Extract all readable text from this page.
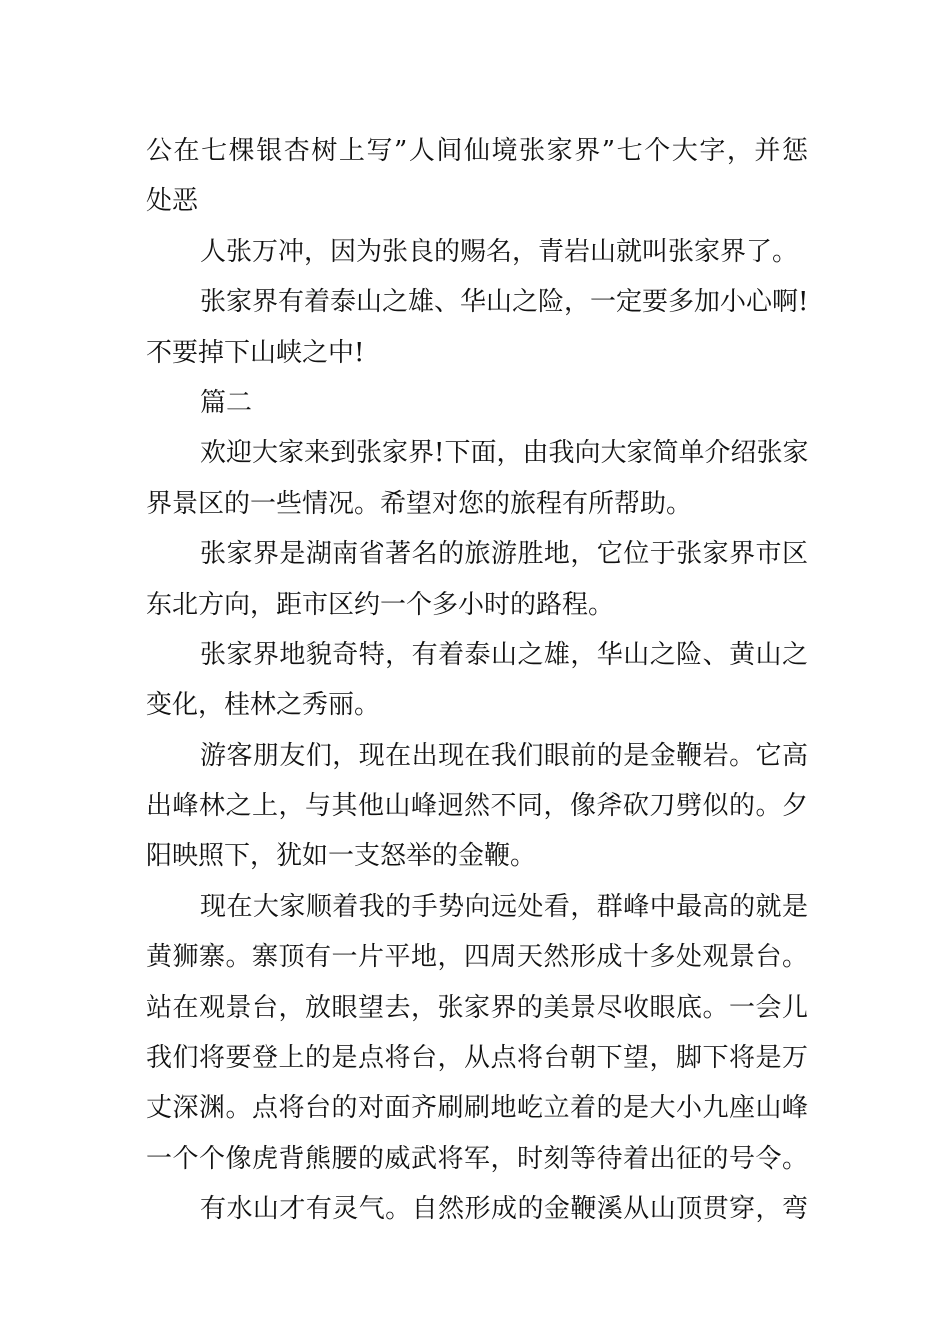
公在七棵银杏树上写”人间仙境张家界”七个大字，并惩
处恶
人张万冲，因为张良的赐名，青岩山就叫张家界了。
张家界有着泰山之雄、华山之险，一定要多加小心啊!
不要掉下山峡之中!
篇二
欢迎大家来到张家界!下面，由我向大家简单介绍张家
界景区的一些情况。希望对您的旅程有所帮助。
张家界是湖南省著名的旅游胜地，它位于张家界市区
东北方向，距市区约一个多小时的路程。
张家界地貌奇特，有着泰山之雄，华山之险、黄山之
变化，桂林之秀丽。
游客朋友们，现在出现在我们眼前的是金鞭岩。它高
出峰林之上，与其他山峰迥然不同，像斧砍刀劈似的。夕
阳映照下，犹如一支怒举的金鞭。
现在大家顺着我的手势向远处看，群峰中最高的就是
黄狮寨。寨顶有一片平地，四周天然形成十多处观景台。
站在观景台，放眼望去，张家界的美景尽收眼底。一会儿
我们将要登上的是点将台，从点将台朝下望，脚下将是万
丈深渊。点将台的对面齐刷刷地屹立着的是大小九座山峰
一个个像虎背熊腰的威武将军，时刻等待着出征的号令。
有水山才有灵气。自然形成的金鞭溪从山顶贯穿，弯
